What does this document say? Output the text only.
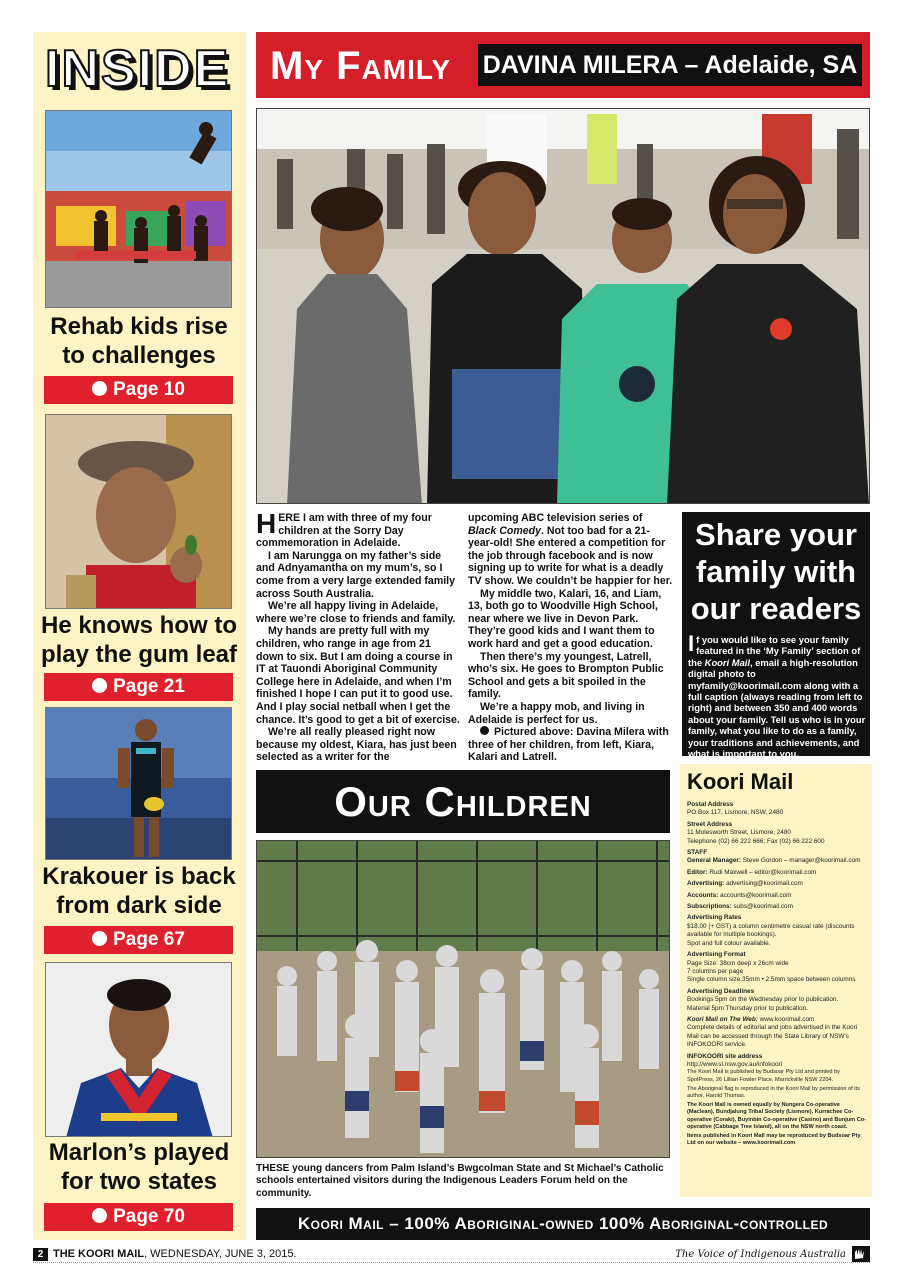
INSIDE
Rehab kids rise to challenges
Page 10
He knows how to play the gum leaf
Page 21
Krakouer is back from dark side
Page 67
Marlon’s played for two states
Page 70
My Family DAVINA MILERA – Adelaide, SA

HERE I am with three of my four children at the Sorry Day commemoration in Adelaide.

I am Narungga on my father’s side and Adnyamantha on my mum’s, so I come from a very large extended family across South Australia.

We’re all happy living in Adelaide, where we’re close to friends and family.

My hands are pretty full with my children, who range in age from 21 down to six. But I am doing a course in IT at Tauondi Aboriginal Community College here in Adelaide, and when I’m finished I hope I can put it to good use. And I play social netball when I get the chance. It’s good to get a bit of exercise.

We’re all really pleased right now because my oldest, Kiara, has just been selected as a writer for the

upcoming ABC television series of Black Comedy. Not too bad for a 21-year-old! She entered a competition for the job through facebook and is now signing up to write for what is a deadly TV show. We couldn’t be happier for her.

My middle two, Kalari, 16, and Liam, 13, both go to Woodville High School, near where we live in Devon Park. They’re good kids and I want them to work hard and get a good education.

Then there’s my youngest, Latrell, who’s six. He goes to Brompton Public School and gets a bit spoiled in the family.

We’re a happy mob, and living in Adelaide is perfect for us.

Pictured above: Davina Milera with three of her children, from left, Kiara, Kalari and Latrell.

Share your family with our readers
If you would like to see your family featured in the ‘My Family’ section of the Koori Mail, email a high-resolution digital photo to myfamily@koorimail.com along with a full caption (always reading from left to right) and between 350 and 400 words about your family. Tell us who is in your family, what you like to do as a family, your traditions and achievements, and what is important to you.
Our Children
THESE young dancers from Palm Island’s Bwgcolman State and St Michael’s Catholic schools entertained visitors during the Indigenous Leaders Forum held on the community.
Koori Mail
Postal Address
PO Box 117, Lismore, NSW, 2480
Street Address
11 Molesworth Street, Lismore, 2480
Telephone (02) 66 222 666; Fax (02) 66 222 600
STAFF
General Manager: Steve Gordon – manager@koorimail.com
Editor: Rudi Maxwell – editor@koorimail.com
Advertising: advertising@koorimail.com
Accounts: accounts@koorimail.com
Subscriptions: subs@koorimail.com
Advertising Rates
$18.00 (+ GST) a column centimetre casual rate (discounts available for multiple bookings).
Spot and full colour available.
Advertising Format
Page Size: 38cm deep x 26cm wide
7 columns per page
Single column size 35mm • 2.5mm space between columns
Advertising Deadlines
Bookings 5pm on the Wednesday prior to publication.
Material 5pm Thursday prior to publication.
Koori Mail on The Web: www.koorimail.com
Complete details of editorial and jobs advertised in the Koori Mail can be accessed through the State Library of NSW’s INFOKOORI service.
INFOKOORI site address
http://www.sl.nsw.gov.au/infokoori
The Koori Mail is published by Budsoar Pty Ltd and printed by SpotPress, 26 Lillian Fowler Place, Marrickville NSW 2204.
The Aboriginal flag is reproduced in the Koori Mail by permission of its author, Harold Thomas.
The Koori Mail is owned equally by Nungera Co-operative (Maclean), Bundjalung Tribal Society (Lismore), Kurrachee Co-operative (Coraki), Buyinbin Co-operative (Casino) and Bunjum Co-operative (Cabbage Tree Island), all on the NSW north coast.
Items published in Koori Mail may be reproduced by Budsoar Pty Ltd on our website – www.koorimail.com
Koori Mail – 100% Aboriginal-owned 100% Aboriginal-controlled
2 THE KOORI MAIL, WEDNESDAY, JUNE 3, 2015.	The Voice of Indigenous Australia
